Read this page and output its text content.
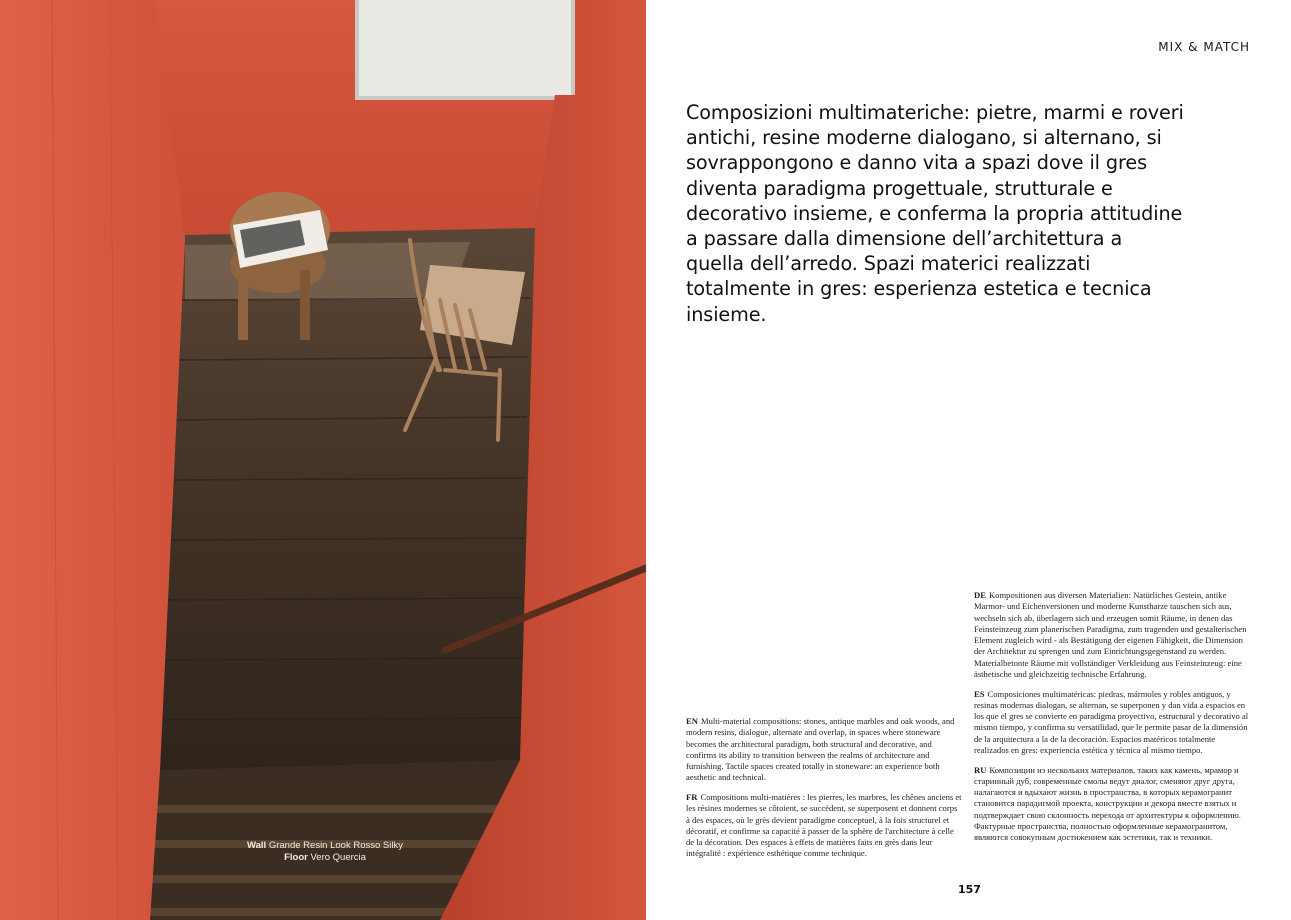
Wall Grande Resin Look Rosso Silky
Floor Vero Quercia
MIX & MATCH
Composizioni multimateriche: pietre, marmi e roveri antichi, resine moderne dialogano, si alternano, si sovrappongono e danno vita a spazi dove il gres diventa paradigma progettuale, strutturale e decorativo insieme, e conferma la propria attitudine a passare dalla dimensione dell’architettura a quella dell’arredo. Spazi materici realizzati totalmente in gres: esperienza estetica e tecnica insieme.

EN Multi-material compositions: stones, antique marbles and oak woods, and modern resins, dialogue, alternate and overlap, in spaces where stoneware becomes the architectural paradigm, both structural and decorative, and confirms its ability to transition between the realms of architecture and furnishing. Tactile spaces created totally in stoneware: an experience both aesthetic and technical.

FR Compositions multi-matières : les pierres, les marbres, les chênes anciens et les résines modernes se côtoient, se succèdent, se superposent et donnent corps à des espaces, où le grès devient paradigme conceptuel, à la fois structurel et décoratif, et confirme sa capacité à passer de la sphère de l'architecture à celle de la décoration. Des espaces à effets de matières faits en grès dans leur intégralité : expérience esthétique comme technique.

DE Kompositionen aus diversen Materialien: Natürliches Gestein, antike Marmor- und Eichenversionen und moderne Kunstharze tauschen sich aus, wechseln sich ab, überlagern sich und erzeugen somit Räume, in denen das Feinsteinzeug zum planerischen Paradigma, zum tragenden und gestalterischen Element zugleich wird - als Bestätigung der eigenen Fähigkeit, die Dimension der Architektur zu sprengen und zum Einrichtungsgegenstand zu werden. Materialbetonte Räume mit vollständiger Verkleidung aus Feinsteinzeug: eine ästhetische und gleichzeitig technische Erfahrung.

ES Composiciones multimatéricas: piedras, mármoles y robles antiguos, y resinas modernas dialogan, se alternan, se superponen y dan vida a espacios en los que el gres se convierte en paradigma proyectivo, estructural y decorativo al mismo tiempo, y confirma su versatilidad, que le permite pasar de la dimensión de la arquitectura a la de la decoración. Espacios matéricos totalmente realizados en gres: experiencia estética y técnica al mismo tiempo.

RU Композиции из нескольких материалов, таких как камень, мрамор и старинный дуб, современные смолы ведут диалог, сменяют друг друга, налагаются и вдыхают жизнь в пространства, в которых керамогранит становится парадигмой проекта, конструкции и декора вместе взятых и подтверждает свою склонность перехода от архитектуры к оформлению. Фактурные пространства, полностью оформленные керамогранитом, являются совокупным достижением как эстетики, так и техники.

157
